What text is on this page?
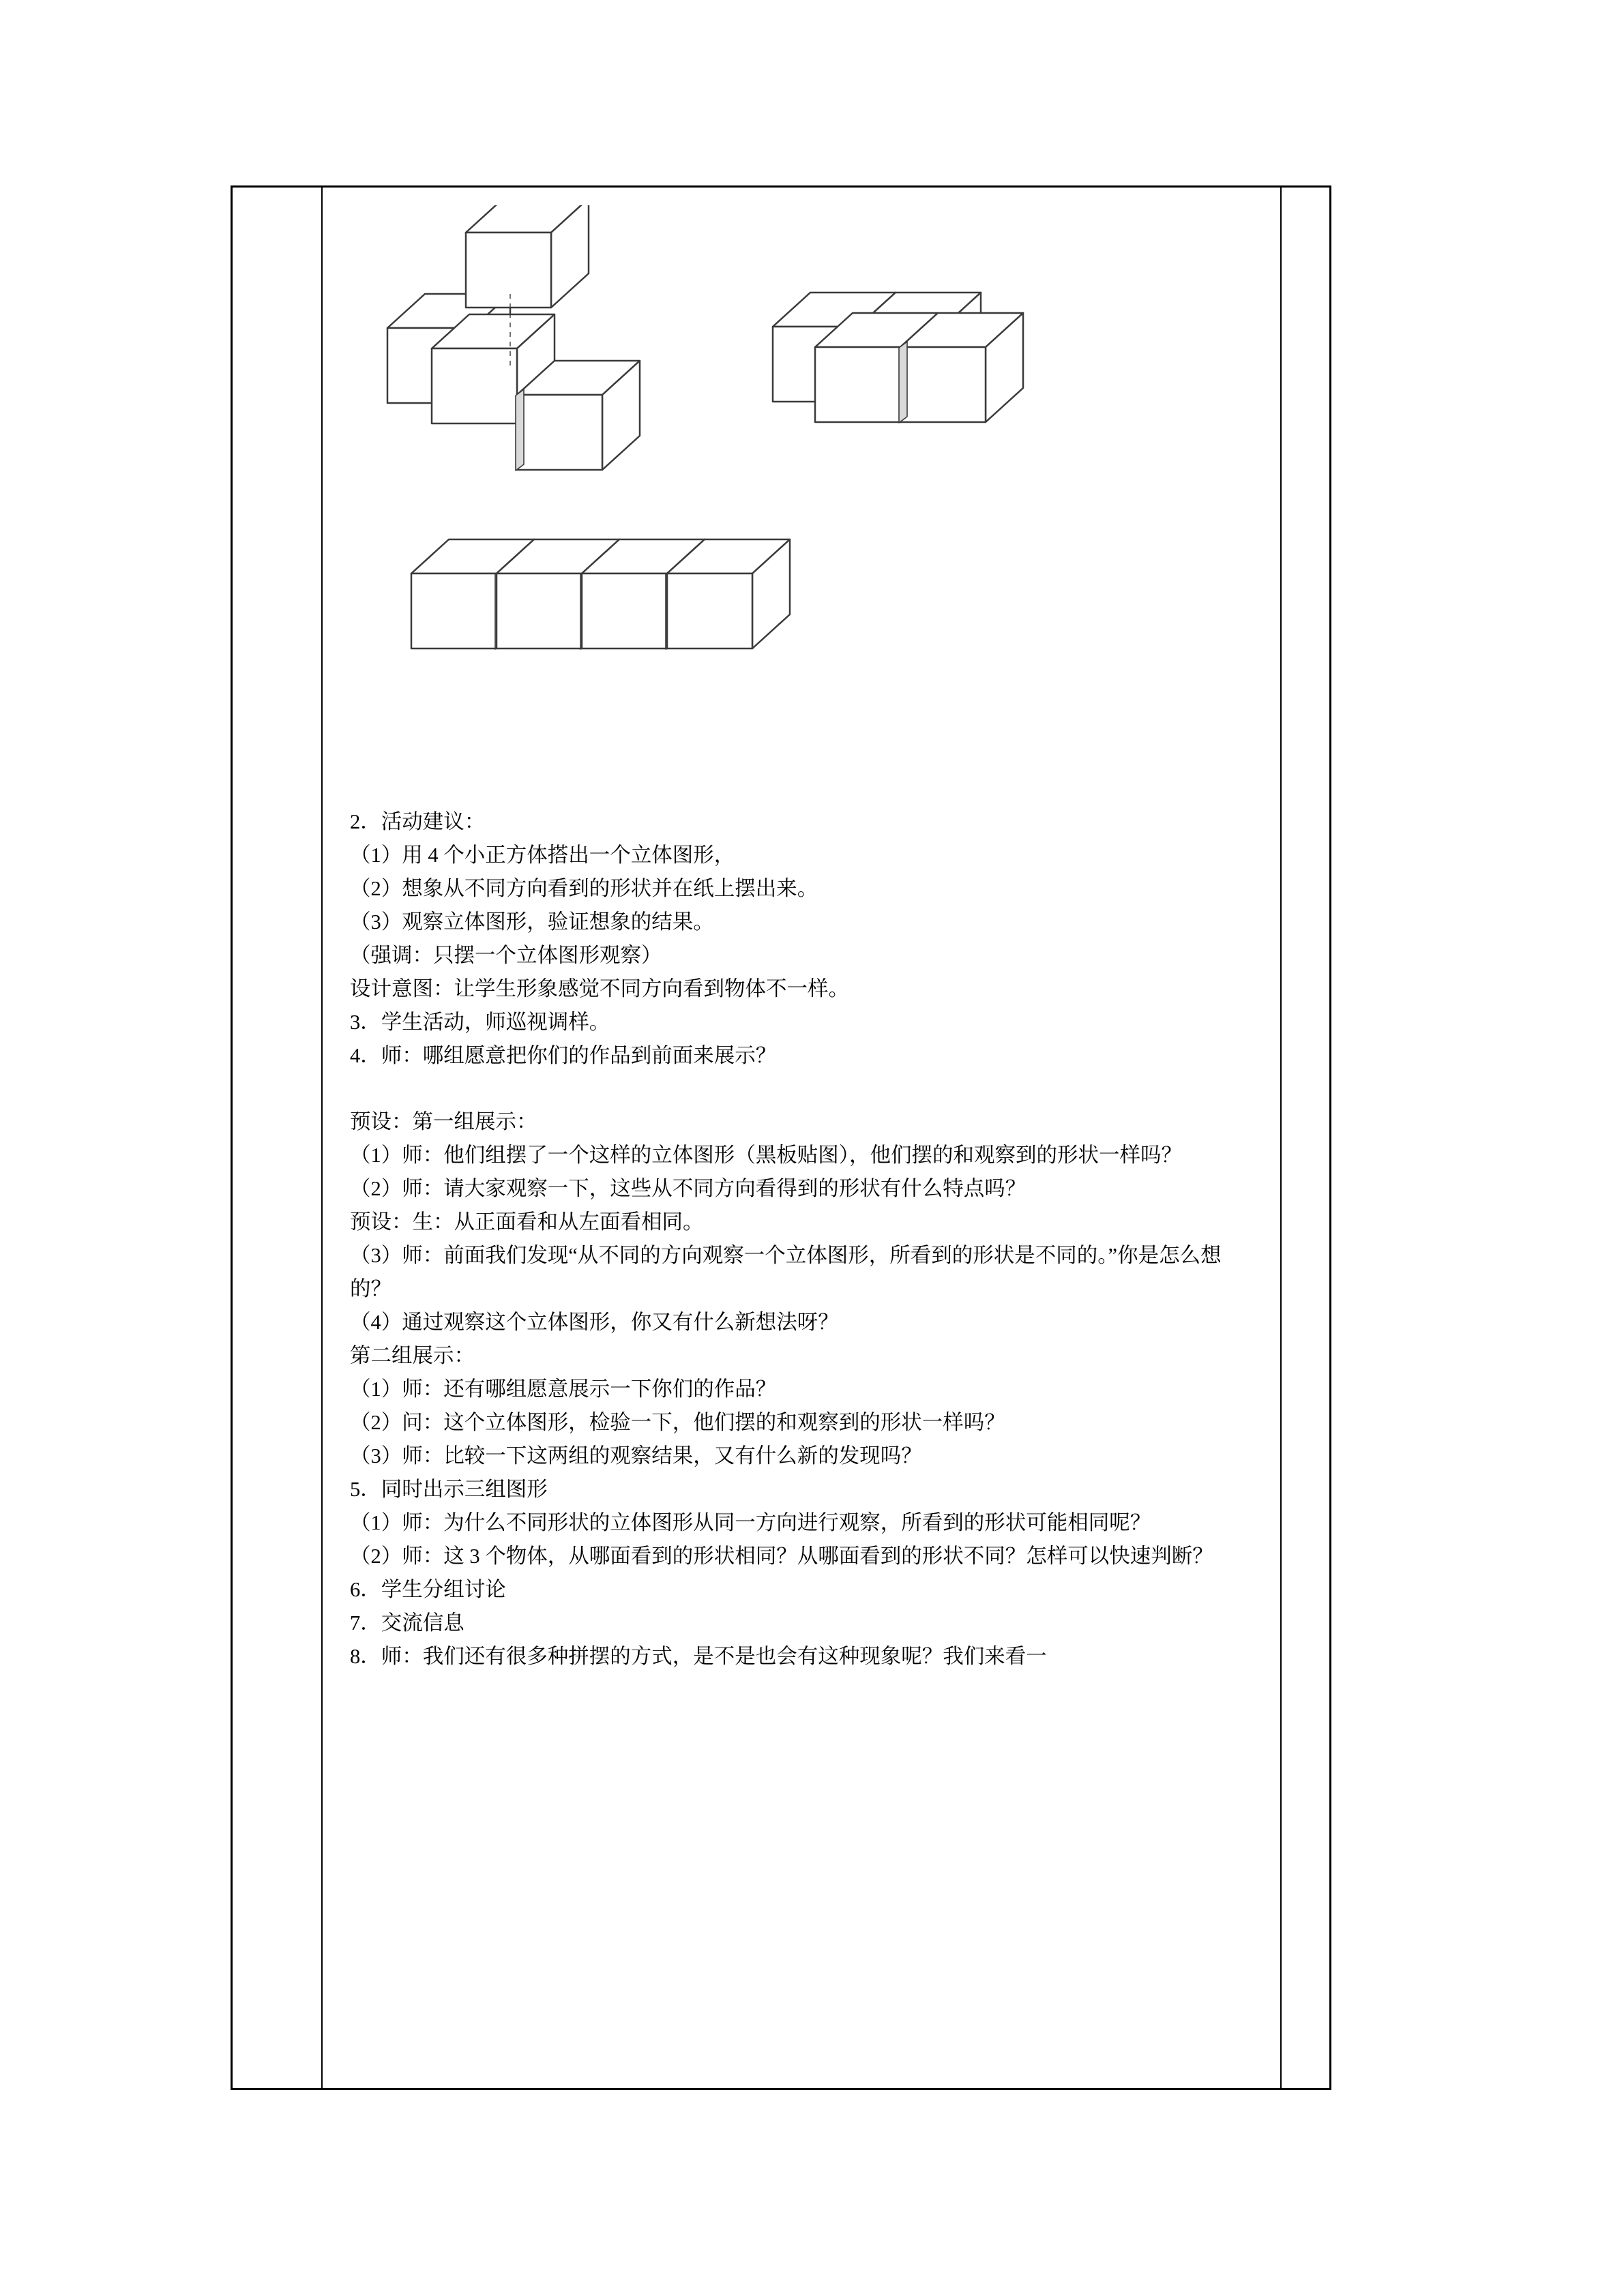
2．活动建议：

（1）用 4 个小正方体搭出一个立体图形，

（2）想象从不同方向看到的形状并在纸上摆出来。

（3）观察立体图形，验证想象的结果。

（强调：只摆一个立体图形观察）

设计意图：让学生形象感觉不同方向看到物体不一样。

3．学生活动，师巡视调样。

4．师：哪组愿意把你们的作品到前面来展示？

预设：第一组展示：

（1）师：他们组摆了一个这样的立体图形（黑板贴图），他们摆的和观察到的形状一样吗？

（2）师：请大家观察一下，这些从不同方向看得到的形状有什么特点吗？

预设：生：从正面看和从左面看相同。

（3）师：前面我们发现“从不同的方向观察一个立体图形，所看到的形状是不同的。”你是怎么想的？

（4）通过观察这个立体图形，你又有什么新想法呀？

第二组展示：

（1）师：还有哪组愿意展示一下你们的作品？

（2）问：这个立体图形，检验一下，他们摆的和观察到的形状一样吗？

（3）师：比较一下这两组的观察结果，又有什么新的发现吗？

5．同时出示三组图形

（1）师：为什么不同形状的立体图形从同一方向进行观察，所看到的形状可能相同呢？

（2）师：这 3 个物体，从哪面看到的形状相同？从哪面看到的形状不同？怎样可以快速判断？

6．学生分组讨论

7．交流信息

8．师：我们还有很多种拼摆的方式，是不是也会有这种现象呢？我们来看一
